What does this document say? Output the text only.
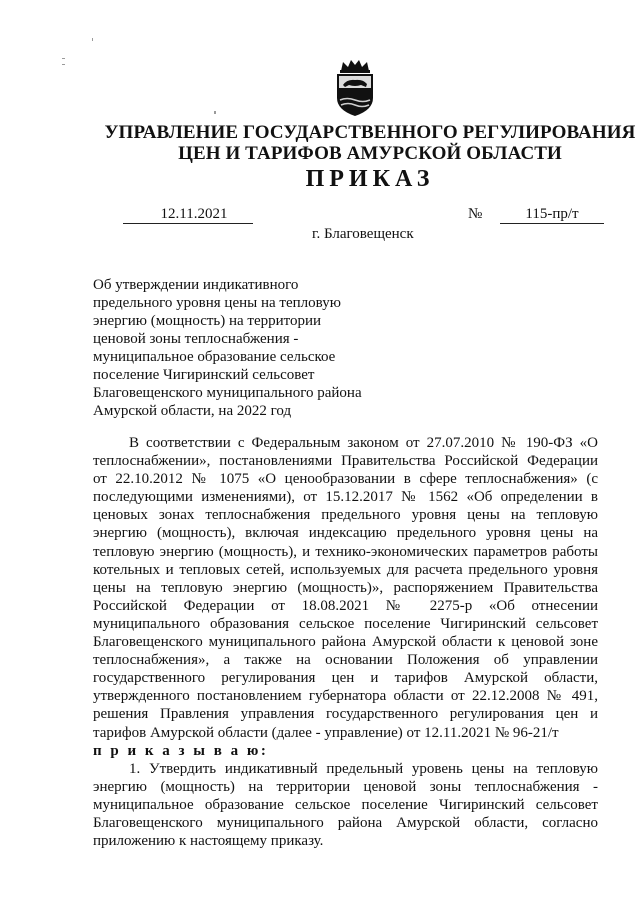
УПРАВЛЕНИЕ ГОСУДАРСТВЕННОГО РЕГУЛИРОВАНИЯ
ЦЕН И ТАРИФОВ АМУРСКОЙ ОБЛАСТИ
ПРИКАЗ
12.11.2021	№	115-пр/т
г. Благовещенск
Об утверждении индикативного
предельного уровня цены на тепловую
энергию (мощность) на территории
ценовой зоны теплоснабжения -
муниципальное образование сельское
поселение Чигиринский сельсовет
Благовещенского муниципального района
Амурской области, на 2022 год
В соответствии с Федеральным законом от 27.07.2010 № 190-ФЗ «О
теплоснабжении», постановлениями Правительства Российской Федерации
от 22.10.2012 № 1075 «О ценообразовании в сфере теплоснабжения» (с
последующими изменениями), от 15.12.2017 № 1562 «Об определении в
ценовых зонах теплоснабжения предельного уровня цены на тепловую
энергию (мощность), включая индексацию предельного уровня цены на
тепловую энергию (мощность), и технико-экономических параметров работы
котельных и тепловых сетей, используемых для расчета предельного уровня
цены на тепловую энергию (мощность)», распоряжением Правительства
Российской Федерации от 18.08.2021 № 2275-р «Об отнесении
муниципального образования сельское поселение Чигиринский сельсовет
Благовещенского муниципального района Амурской области к ценовой зоне
теплоснабжения», а также на основании Положения об управлении
государственного регулирования цен и тарифов Амурской области,
утвержденного постановлением губернатора области от 22.12.2008 № 491,
решения Правления управления государственного регулирования цен и
тарифов Амурской области (далее - управление) от 12.11.2021 № 96-21/т
п р и к а з ы в а ю:
1. Утвердить индикативный предельный уровень цены на тепловую
энергию (мощность) на территории ценовой зоны теплоснабжения -
муниципальное образование сельское поселение Чигиринский сельсовет
Благовещенского муниципального района Амурской области, согласно
приложению к настоящему приказу.
